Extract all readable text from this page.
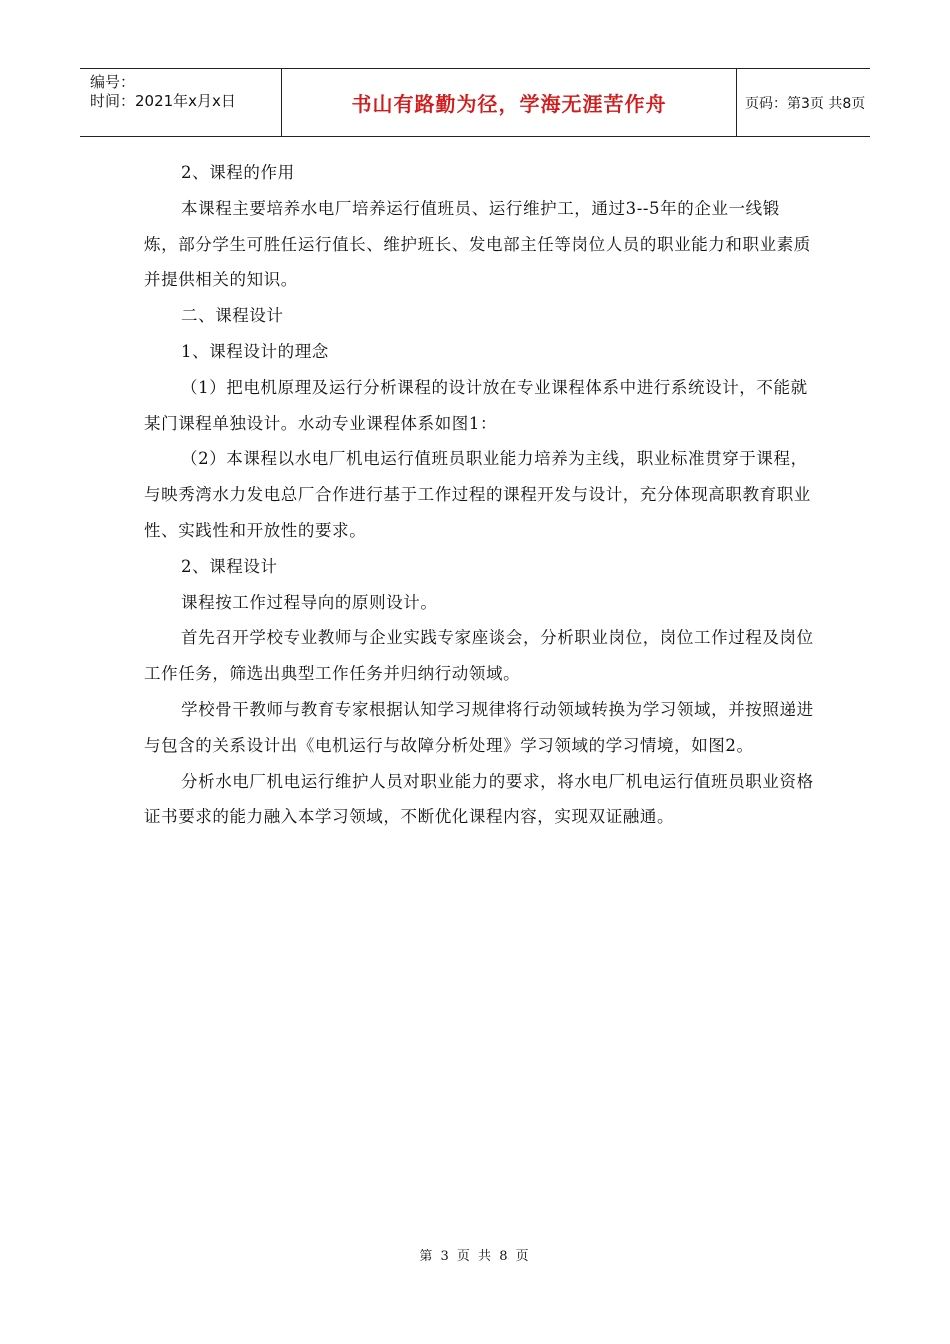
编号：
时间：2021年x月x日	书山有路勤为径，学海无涯苦作舟	页码：第3页 共8页

2、课程的作用

本课程主要培养水电厂培养运行值班员、运行维护工，通过3--5年的企业一线锻炼，部分学生可胜任运行值长、维护班长、发电部主任等岗位人员的职业能力和职业素质并提供相关的知识。

二、课程设计

1、课程设计的理念

（1）把电机原理及运行分析课程的设计放在专业课程体系中进行系统设计，不能就某门课程单独设计。水动专业课程体系如图1：

（2）本课程以水电厂机电运行值班员职业能力培养为主线，职业标准贯穿于课程，与映秀湾水力发电总厂合作进行基于工作过程的课程开发与设计，充分体现高职教育职业性、实践性和开放性的要求。

2、课程设计

课程按工作过程导向的原则设计。

首先召开学校专业教师与企业实践专家座谈会，分析职业岗位，岗位工作过程及岗位工作任务，筛选出典型工作任务并归纳行动领域。

学校骨干教师与教育专家根据认知学习规律将行动领域转换为学习领域，并按照递进与包含的关系设计出《电机运行与故障分析处理》学习领域的学习情境，如图2。

分析水电厂机电运行维护人员对职业能力的要求，将水电厂机电运行值班员职业资格证书要求的能力融入本学习领域，不断优化课程内容，实现双证融通。

第 3 页 共 8 页
